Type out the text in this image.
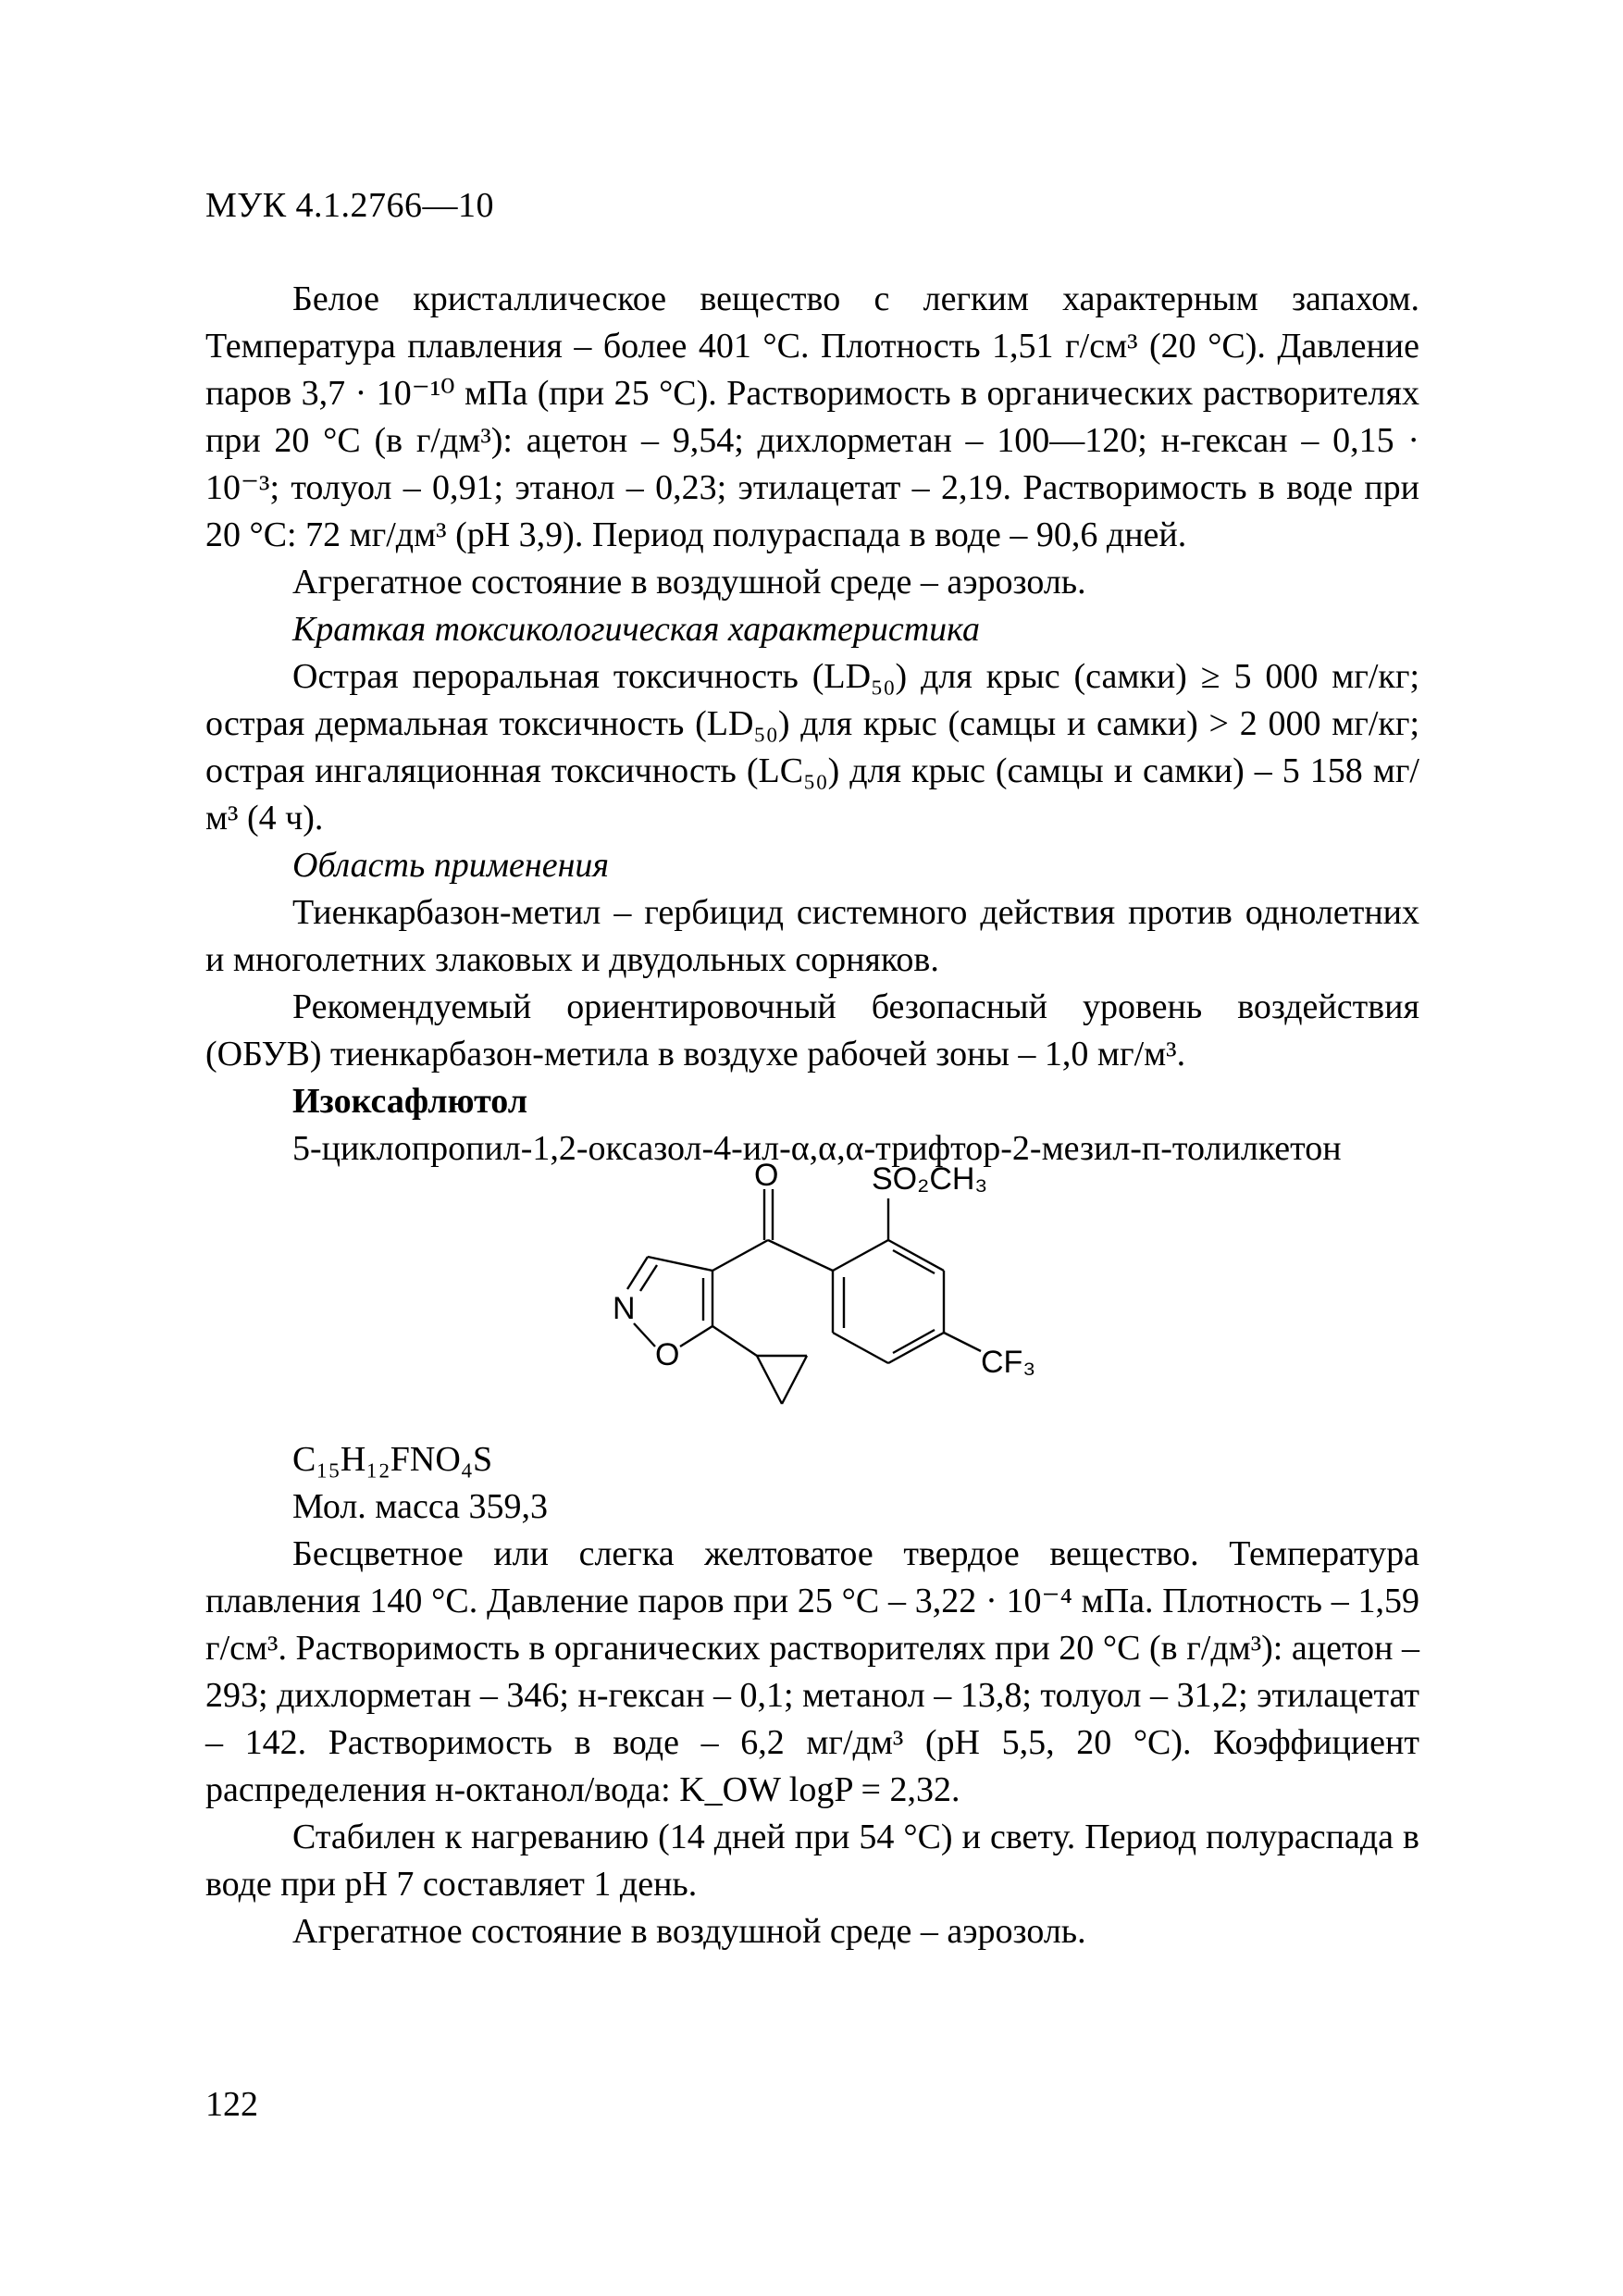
МУК 4.1.2766—10

Белое кристаллическое вещество с легким характерным запахом. Температура плавления – более 401 °С. Плотность 1,51 г/см³ (20 °С). Давление паров 3,7 · 10⁻¹⁰ мПа (при 25 °С). Растворимость в органических растворителях при 20 °С (в г/дм³): ацетон – 9,54; дихлорметан – 100—120; н-гексан – 0,15 · 10⁻³; толуол – 0,91; этанол – 0,23; этилацетат – 2,19. Растворимость в воде при 20 °С: 72 мг/дм³ (рН 3,9). Период полураспада в воде – 90,6 дней.

Агрегатное состояние в воздушной среде – аэрозоль.

Краткая токсикологическая характеристика

Острая пероральная токсичность (LD₅₀) для крыс (самки) ≥ 5 000 мг/кг; острая дермальная токсичность (LD₅₀) для крыс (самцы и самки) > 2 000 мг/кг; острая ингаляционная токсичность (LC₅₀) для крыс (самцы и самки) – 5 158 мг/м³ (4 ч).

Область применения

Тиенкарбазон-метил – гербицид системного действия против однолетних и многолетних злаковых и двудольных сорняков.

Рекомендуемый ориентировочный безопасный уровень воздействия (ОБУВ) тиенкарбазон-метила в воздухе рабочей зоны – 1,0 мг/м³.

Изоксафлютол

5-циклопропил-1,2-оксазол-4-ил-α,α,α-трифтор-2-мезил-п-толилкетон

O	SO₂CH₃
N
O	CF₃

C₁₅H₁₂FNO₄S

Мол. масса 359,3

Бесцветное или слегка желтоватое твердое вещество. Температура плавления 140 °С. Давление паров при 25 °С – 3,22 · 10⁻⁴ мПа. Плотность – 1,59 г/см³. Растворимость в органических растворителях при 20 °С (в г/дм³): ацетон – 293; дихлорметан – 346; н-гексан – 0,1; метанол – 13,8; толуол – 31,2; этилацетат – 142. Растворимость в воде – 6,2 мг/дм³ (рН 5,5, 20 °С). Коэффициент распределения н-октанол/вода: K_OW logP = 2,32.

Стабилен к нагреванию (14 дней при 54 °С) и свету. Период полураспада в воде при рН 7 составляет 1 день.

Агрегатное состояние в воздушной среде – аэрозоль.

122
